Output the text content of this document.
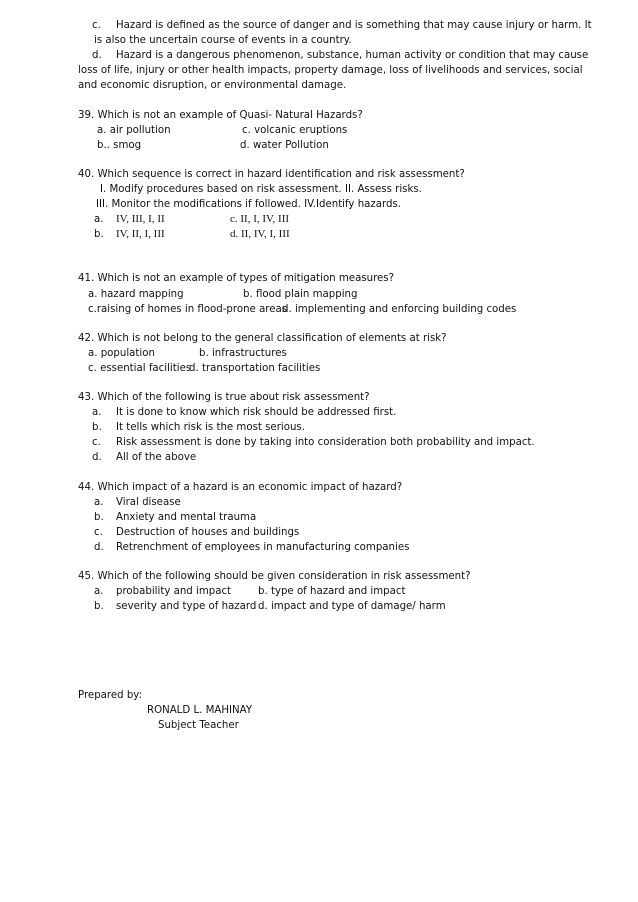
c. Hazard is defined as the source of danger and is something that may cause injury or harm. It
is also the uncertain course of events in a country.
d. Hazard is a dangerous phenomenon, substance, human activity or condition that may cause
loss of life, injury or other health impacts, property damage, loss of livelihoods and services, social
and economic disruption, or environmental damage.
39. Which is not an example of Quasi- Natural Hazards?
a. air pollution	c. volcanic eruptions
b.. smog	d. water Pollution
40. Which sequence is correct in hazard identification and risk assessment?
I. Modify procedures based on risk assessment. II. Assess risks.
III. Monitor the modifications if followed. IV.Identify hazards.
a. IV, III, I, II	c. II, I, IV, III
b. IV, II, I, III	d. II, IV, I, III
41. Which is not an example of types of mitigation measures?
a. hazard mapping	b. flood plain mapping
c.raising of homes in flood-prone areas
d. implementing and enforcing building codes
42. Which is not belong to the general classification of elements at risk?
a. population	b. infrastructures
c. essential facilities
d. transportation facilities
43. Which of the following is true about risk assessment?
a. It is done to know which risk should be addressed first.
b. It tells which risk is the most serious.
c. Risk assessment is done by taking into consideration both probability and impact.
d. All of the above
44. Which impact of a hazard is an economic impact of hazard?
a. Viral disease
b. Anxiety and mental trauma
c. Destruction of houses and buildings
d. Retrenchment of employees in manufacturing companies
45. Which of the following should be given consideration in risk assessment?
a. probability and impact	b. type of hazard and impact
b. severity and type of hazard d. impact and type of damage/ harm
Prepared by:
RONALD L. MAHINAY
Subject Teacher
